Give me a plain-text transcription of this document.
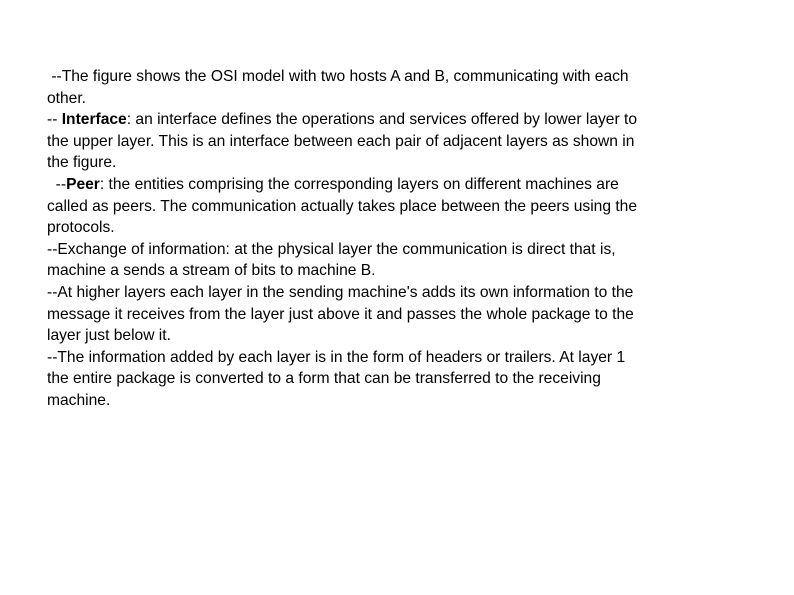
--The figure shows the OSI model with two hosts A and B, communicating with each
other.
-- Interface: an interface defines the operations and services offered by lower layer to
the upper layer. This is an interface between each pair of adjacent layers as shown in
the figure.
--Peer: the entities comprising the corresponding layers on different machines are
called as peers. The communication actually takes place between the peers using the
protocols.
--Exchange of information: at the physical layer the communication is direct that is,
machine a sends a stream of bits to machine B.
--At higher layers each layer in the sending machine's adds its own information to the
message it receives from the layer just above it and passes the whole package to the
layer just below it.
--The information added by each layer is in the form of headers or trailers. At layer 1
the entire package is converted to a form that can be transferred to the receiving
machine.
